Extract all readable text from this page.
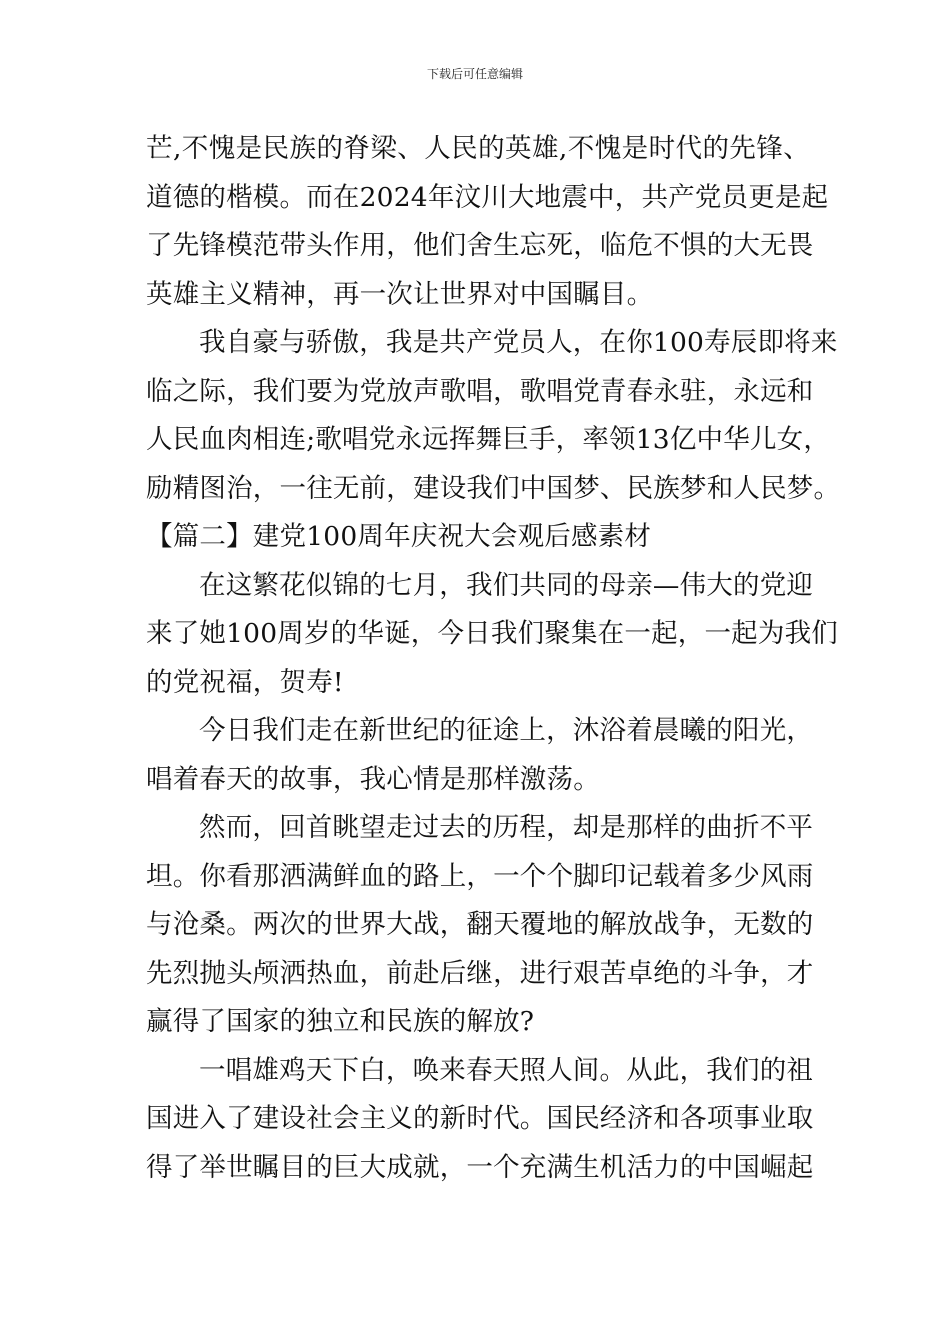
下载后可任意编辑
芒,不愧是民族的脊梁、人民的英雄,不愧是时代的先锋、
道德的楷模。而在2024年汶川大地震中，共产党员更是起
了先锋模范带头作用，他们舍生忘死，临危不惧的大无畏
英雄主义精神，再一次让世界对中国瞩目。
我自豪与骄傲，我是共产党员人，在你100寿辰即将来
临之际，我们要为党放声歌唱，歌唱党青春永驻，永远和
人民血肉相连;歌唱党永远挥舞巨手，率领13亿中华儿女，
励精图治，一往无前，建设我们中国梦、民族梦和人民梦。
【篇二】建党100周年庆祝大会观后感素材
在这繁花似锦的七月，我们共同的母亲—伟大的党迎
来了她100周岁的华诞，今日我们聚集在一起，一起为我们
的党祝福，贺寿!
今日我们走在新世纪的征途上，沐浴着晨曦的阳光，
唱着春天的故事，我心情是那样激荡。
然而，回首眺望走过去的历程，却是那样的曲折不平
坦。你看那洒满鲜血的路上，一个个脚印记载着多少风雨
与沧桑。两次的世界大战，翻天覆地的解放战争，无数的
先烈抛头颅洒热血，前赴后继，进行艰苦卓绝的斗争，才
赢得了国家的独立和民族的解放?
一唱雄鸡天下白，唤来春天照人间。从此，我们的祖
国进入了建设社会主义的新时代。国民经济和各项事业取
得了举世瞩目的巨大成就，一个充满生机活力的中国崛起
